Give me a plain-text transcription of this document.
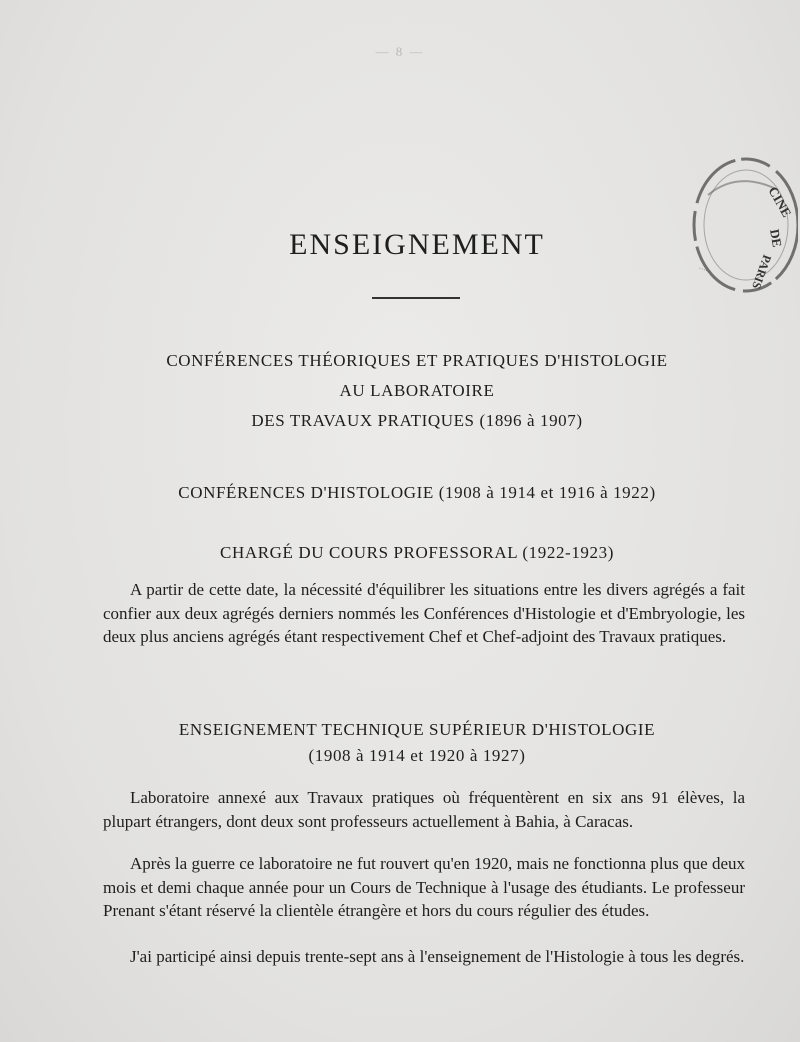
— 8 —
CINE
DE
PARIS
·····
ENSEIGNEMENT
CONFÉRENCES THÉORIQUES ET PRATIQUES D'HISTOLOGIE
AU LABORATOIRE
DES TRAVAUX PRATIQUES (1896 à 1907)
CONFÉRENCES D'HISTOLOGIE (1908 à 1914 et 1916 à 1922)
CHARGÉ DU COURS PROFESSORAL (1922-1923)

A partir de cette date, la nécessité d'équilibrer les situations entre les divers agrégés a fait confier aux deux agrégés derniers nommés les Conférences d'Histologie et d'Embryologie, les deux plus anciens agrégés étant respectivement Chef et Chef-adjoint des Travaux pratiques.

ENSEIGNEMENT TECHNIQUE SUPÉRIEUR D'HISTOLOGIE
(1908 à 1914 et 1920 à 1927)

Laboratoire annexé aux Travaux pratiques où fréquentèrent en six ans 91 élèves, la plupart étrangers, dont deux sont professeurs actuellement à Bahia, à Caracas.

Après la guerre ce laboratoire ne fut rouvert qu'en 1920, mais ne fonctionna plus que deux mois et demi chaque année pour un Cours de Technique à l'usage des étudiants. Le professeur Prenant s'étant réservé la clientèle étrangère et hors du cours régulier des études.

J'ai participé ainsi depuis trente-sept ans à l'enseignement de l'Histologie à tous les degrés.
